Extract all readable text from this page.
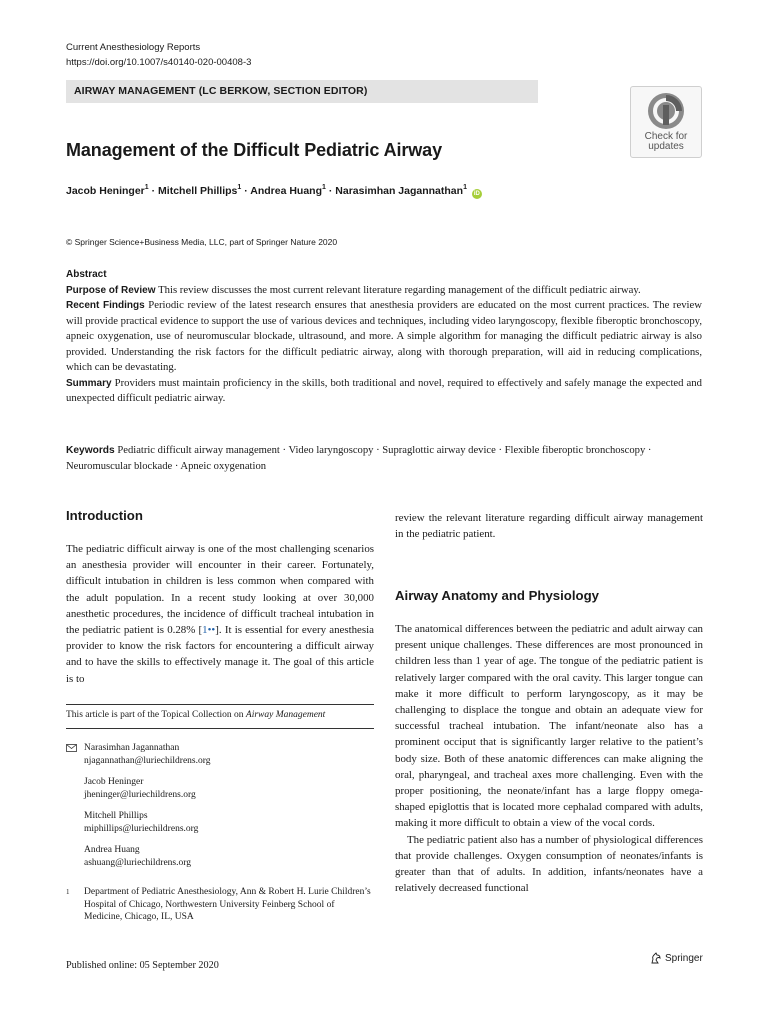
Current Anesthesiology Reports
https://doi.org/10.1007/s40140-020-00408-3
AIRWAY MANAGEMENT (LC BERKOW, SECTION EDITOR)
Check for
updates
Management of the Difficult Pediatric Airway
Jacob Heninger$^1$ · Mitchell Phillips$^1$ · Andrea Huang$^1$ · Narasimhan Jagannathan$^1$ iD
© Springer Science+Business Media, LLC, part of Springer Nature 2020
Abstract
Purpose of Review This review discusses the most current relevant literature regarding management of the difficult pediatric airway.
Recent Findings Periodic review of the latest research ensures that anesthesia providers are educated on the most current practices. The review will provide practical evidence to support the use of various devices and techniques, including video laryngoscopy, flexible fiberoptic bronchoscopy, apneic oxygenation, use of neuromuscular blockade, ultrasound, and more. A simple algorithm for managing the difficult pediatric airway is also provided. Understanding the risk factors for the difficult pediatric airway, along with thorough preparation, will aid in reducing complications, which can be devastating.
Summary Providers must maintain proficiency in the skills, both traditional and novel, required to effectively and safely manage the expected and unexpected difficult pediatric airway.
Keywords Pediatric difficult airway management · Video laryngoscopy · Supraglottic airway device · Flexible fiberoptic bronchoscopy · Neuromuscular blockade · Apneic oxygenation
Introduction
The pediatric difficult airway is one of the most challenging scenarios an anesthesia provider will encounter in their career. Fortunately, difficult intubation in children is less common when compared with the adult population. In a recent study looking at over 30,000 anesthetic procedures, the incidence of difficult tracheal intubation in the pediatric patient is 0.28% [1••]. It is essential for every anesthesia provider to know the risk factors for encountering a difficult airway and to have the skills to effectively manage it. The goal of this article is to
This article is part of the Topical Collection on Airway Management
Narasimhan Jagannathan
njagannathan@luriechildrens.org
Jacob Heninger
jheninger@luriechildrens.org
Mitchell Phillips
miphillips@luriechildrens.org
Andrea Huang
ashuang@luriechildrens.org
1 Department of Pediatric Anesthesiology, Ann & Robert H. Lurie Children’s Hospital of Chicago, Northwestern University Feinberg School of Medicine, Chicago, IL, USA
review the relevant literature regarding difficult airway management in the pediatric patient.
Airway Anatomy and Physiology

The anatomical differences between the pediatric and adult airway can present unique challenges. These differences are most pronounced in children less than 1 year of age. The tongue of the pediatric patient is relatively larger compared with the oral cavity. This larger tongue can make it more difficult to perform laryngoscopy, as it may be challenging to displace the tongue and obtain an adequate view for successful tracheal intubation. The infant/neonate also has a prominent occiput that is significantly larger relative to the patient’s body size. Both of these anatomic differences can make aligning the oral, pharyngeal, and tracheal axes more challenging. Even with the proper positioning, the neonate/infant has a large floppy omega-shaped epiglottis that is located more cephalad compared with adults, making it more difficult to obtain a view of the vocal cords.

The pediatric patient also has a number of physiological differences that provide challenges. Oxygen consumption of neonates/infants is greater than that of adults. In addition, infants/neonates have a relatively decreased functional

Published online: 05 September 2020
Springer
